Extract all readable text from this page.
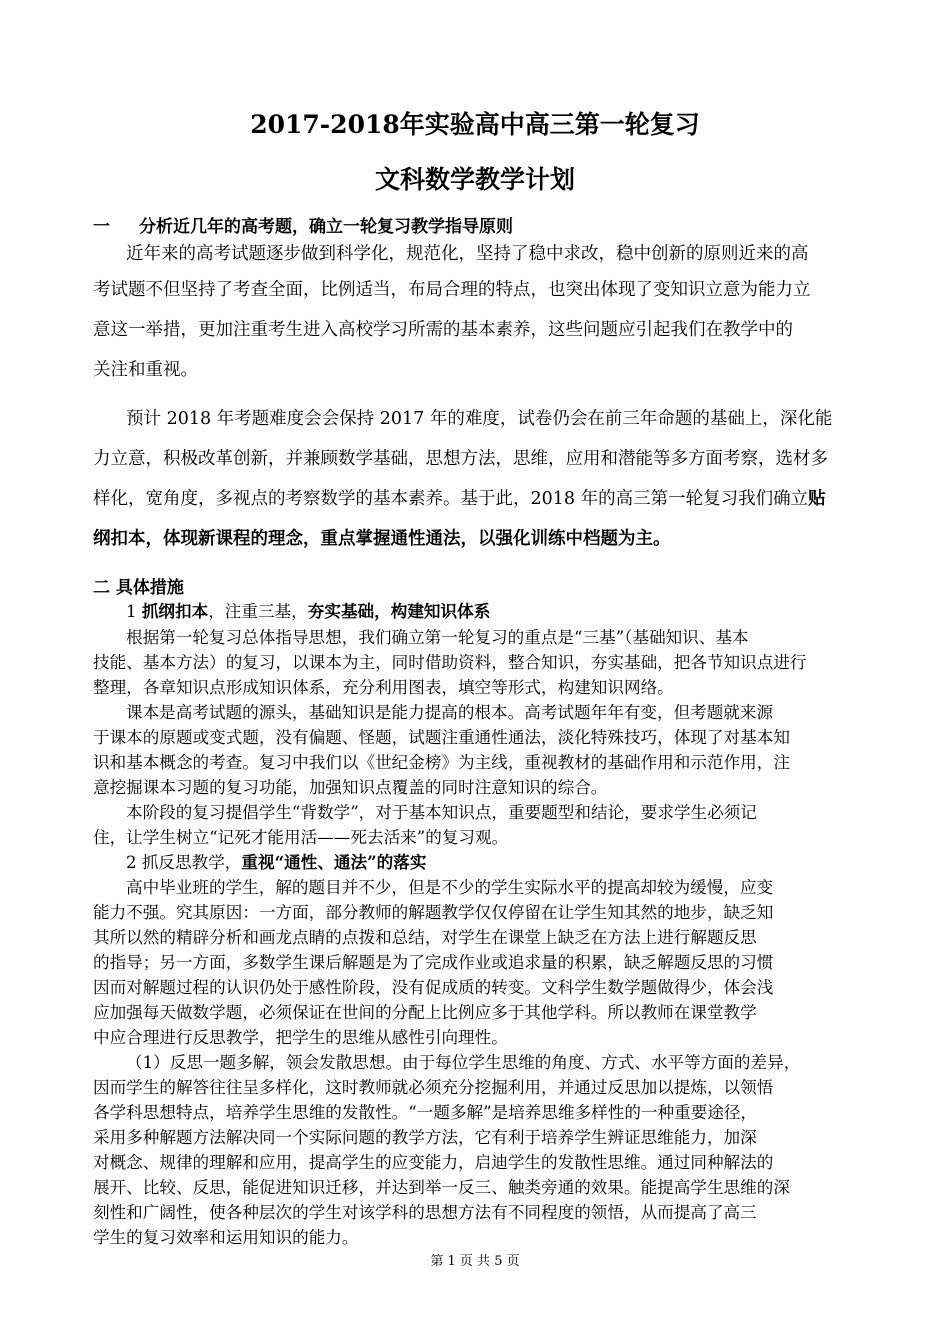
2017-2018年实验高中高三第一轮复习
文科数学教学计划
一 分析近几年的高考题，确立一轮复习教学指导原则
近年来的高考试题逐步做到科学化，规范化，坚持了稳中求改，稳中创新的原则近来的高
考试题不但坚持了考查全面，比例适当，布局合理的特点，也突出体现了变知识立意为能力立
意这一举措，更加注重考生进入高校学习所需的基本素养，这些问题应引起我们在教学中的
关注和重视。
预计 2018 年考题难度会会保持 2017 年的难度，试卷仍会在前三年命题的基础上，深化能
力立意，积极改革创新，并兼顾数学基础，思想方法，思维，应用和潜能等多方面考察，选材多
样化，宽角度，多视点的考察数学的基本素养。基于此，2018 年的高三第一轮复习我们确立贴
纲扣本，体现新课程的理念，重点掌握通性通法，以强化训练中档题为主。
二 具体措施
1 抓纲扣本，注重三基，夯实基础，构建知识体系
根据第一轮复习总体指导思想，我们确立第一轮复习的重点是“三基”（基础知识、基本
技能、基本方法）的复习，以课本为主，同时借助资料，整合知识，夯实基础，把各节知识点进行
整理，各章知识点形成知识体系，充分利用图表，填空等形式，构建知识网络。
课本是高考试题的源头，基础知识是能力提高的根本。高考试题年年有变，但考题就来源
于课本的原题或变式题，没有偏题、怪题，试题注重通性通法，淡化特殊技巧，体现了对基本知
识和基本概念的考查。复习中我们以《世纪金榜》为主线，重视教材的基础作用和示范作用，注
意挖掘课本习题的复习功能，加强知识点覆盖的同时注意知识的综合。
本阶段的复习提倡学生“背数学”，对于基本知识点，重要题型和结论，要求学生必须记
住，让学生树立“记死才能用活——死去活来”的复习观。
2 抓反思教学，重视“通性、通法”的落实
高中毕业班的学生，解的题目并不少，但是不少的学生实际水平的提高却较为缓慢，应变
能力不强。究其原因：一方面，部分教师的解题教学仅仅停留在让学生知其然的地步，缺乏知
其所以然的精辟分析和画龙点睛的点拨和总结，对学生在课堂上缺乏在方法上进行解题反思
的指导；另一方面，多数学生课后解题是为了完成作业或追求量的积累，缺乏解题反思的习惯
因而对解题过程的认识仍处于感性阶段，没有促成质的转变。文科学生数学题做得少，体会浅
应加强每天做数学题，必须保证在世间的分配上比例应多于其他学科。所以教师在课堂教学
中应合理进行反思教学，把学生的思维从感性引向理性。
（1）反思一题多解，领会发散思想。由于每位学生思维的角度、方式、水平等方面的差异，
因而学生的解答往往呈多样化，这时教师就必须充分挖掘利用，并通过反思加以提炼，以领悟
各学科思想特点，培养学生思维的发散性。“一题多解”是培养思维多样性的一种重要途径，
采用多种解题方法解决同一个实际问题的教学方法，它有利于培养学生辨证思维能力，加深
对概念、规律的理解和应用，提高学生的应变能力，启迪学生的发散性思维。通过同种解法的
展开、比较、反思，能促进知识迁移，并达到举一反三、触类旁通的效果。能提高学生思维的深
刻性和广阔性，使各种层次的学生对该学科的思想方法有不同程度的领悟，从而提高了高三
学生的复习效率和运用知识的能力。
第 1 页 共 5 页
